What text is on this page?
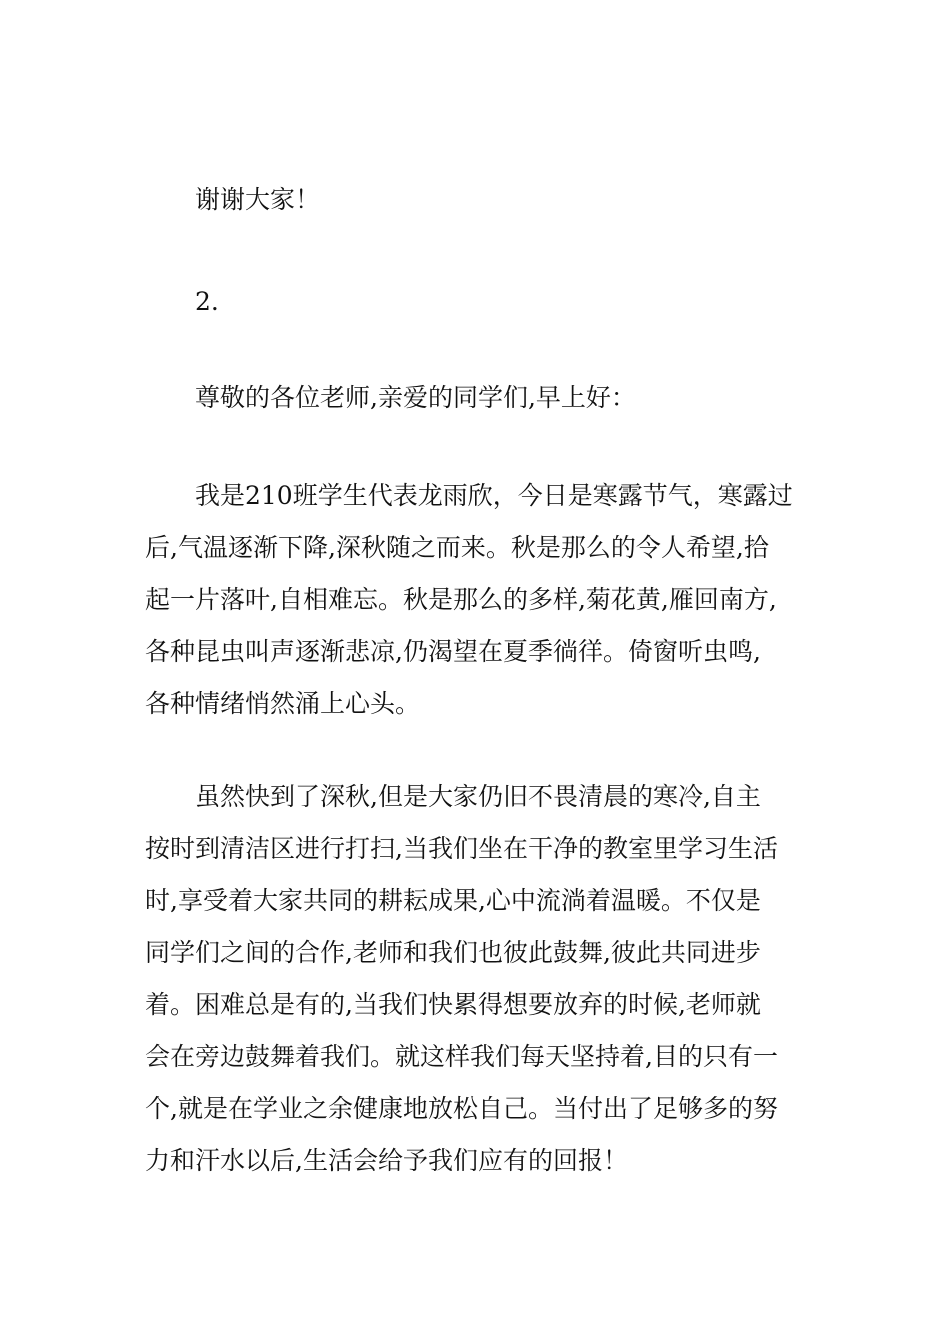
谢谢大家！

2.

尊敬的各位老师,亲爱的同学们,早上好：

我是210班学生代表龙雨欣，今日是寒露节气，寒露过
后,气温逐渐下降,深秋随之而来。秋是那么的令人希望,拾
起一片落叶,自相难忘。秋是那么的多样,菊花黄,雁回南方,
各种昆虫叫声逐渐悲凉,仍渴望在夏季徜徉。倚窗听虫鸣,
各种情绪悄然涌上心头。

虽然快到了深秋,但是大家仍旧不畏清晨的寒冷,自主
按时到清洁区进行打扫,当我们坐在干净的教室里学习生活
时,享受着大家共同的耕耘成果,心中流淌着温暖。不仅是
同学们之间的合作,老师和我们也彼此鼓舞,彼此共同进步
着。困难总是有的,当我们快累得想要放弃的时候,老师就
会在旁边鼓舞着我们。就这样我们每天坚持着,目的只有一
个,就是在学业之余健康地放松自己。当付出了足够多的努
力和汗水以后,生活会给予我们应有的回报！
